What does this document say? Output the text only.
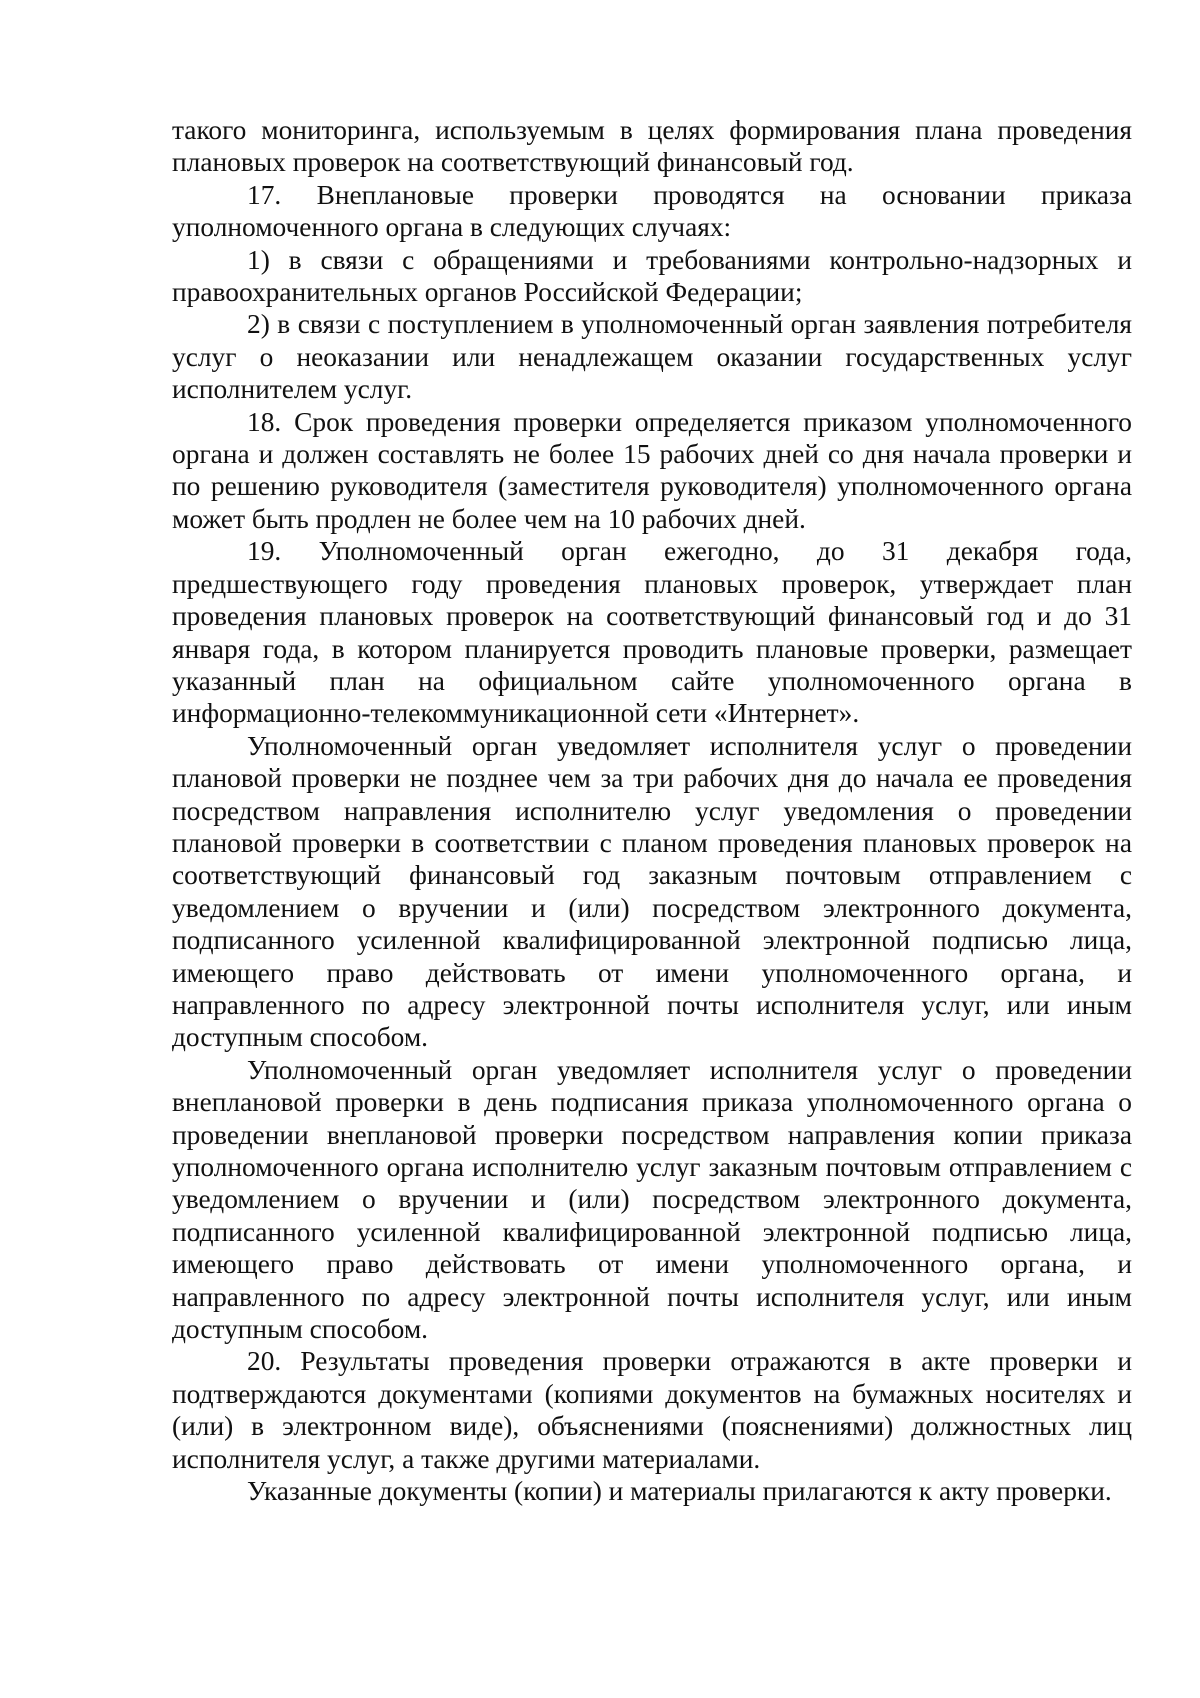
такого мониторинга, используемым в целях формирования плана проведения плановых проверок на соответствующий финансовый год.

17. Внеплановые проверки проводятся на основании приказа уполномоченного органа в следующих случаях:

1) в связи с обращениями и требованиями контрольно-надзорных и правоохранительных органов Российской Федерации;

2) в связи с поступлением в уполномоченный орган заявления потребителя услуг о неоказании или ненадлежащем оказании государственных услуг исполнителем услуг.

18. Срок проведения проверки определяется приказом уполномоченного органа и должен составлять не более 15 рабочих дней со дня начала проверки и по решению руководителя (заместителя руководителя) уполномоченного органа может быть продлен не более чем на 10 рабочих дней.

19. Уполномоченный орган ежегодно, до 31 декабря года, предшествующего году проведения плановых проверок, утверждает план проведения плановых проверок на соответствующий финансовый год и до 31 января года, в котором планируется проводить плановые проверки, размещает указанный план на официальном сайте уполномоченного органа в информационно-телекоммуникационной сети «Интернет».

Уполномоченный орган уведомляет исполнителя услуг о проведении плановой проверки не позднее чем за три рабочих дня до начала ее проведения посредством направления исполнителю услуг уведомления о проведении плановой проверки в соответствии с планом проведения плановых проверок на соответствующий финансовый год заказным почтовым отправлением с уведомлением о вручении и (или) посредством электронного документа, подписанного усиленной квалифицированной электронной подписью лица, имеющего право действовать от имени уполномоченного органа, и направленного по адресу электронной почты исполнителя услуг, или иным доступным способом.

Уполномоченный орган уведомляет исполнителя услуг о проведении внеплановой проверки в день подписания приказа уполномоченного органа о проведении внеплановой проверки посредством направления копии приказа уполномоченного органа исполнителю услуг заказным почтовым отправлением с уведомлением о вручении и (или) посредством электронного документа, подписанного усиленной квалифицированной электронной подписью лица, имеющего право действовать от имени уполномоченного органа, и направленного по адресу электронной почты исполнителя услуг, или иным доступным способом.

20. Результаты проведения проверки отражаются в акте проверки и подтверждаются документами (копиями документов на бумажных носителях и (или) в электронном виде), объяснениями (пояснениями) должностных лиц исполнителя услуг, а также другими материалами.

Указанные документы (копии) и материалы прилагаются к акту проверки.
